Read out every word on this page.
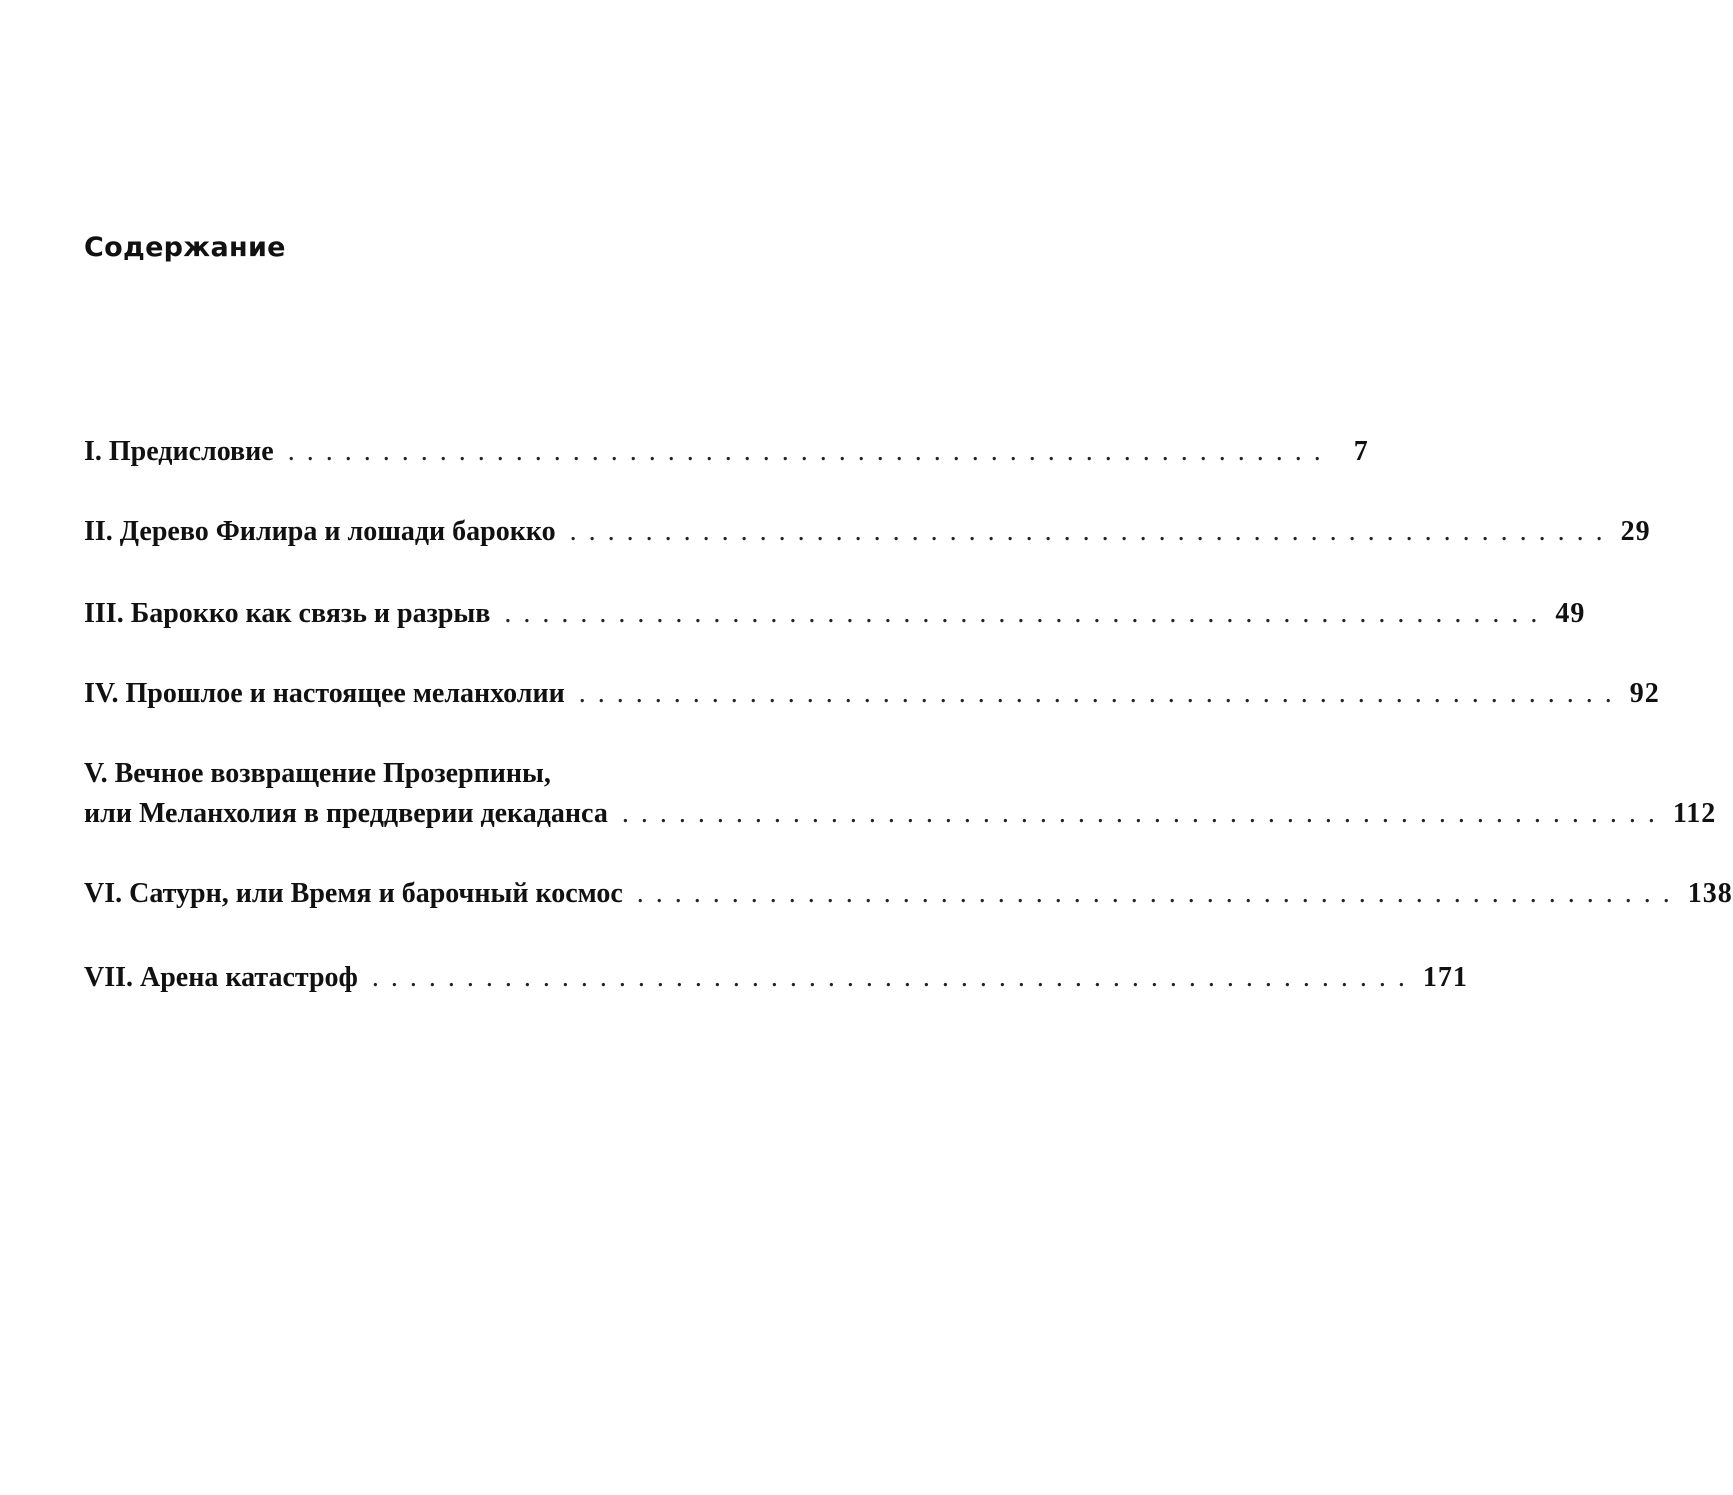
Содержание
I. Предисловие ....................................................... 7
II. Дерево Филира и лошади барокко ....................................................... 29
III. Барокко как связь и разрыв ....................................................... 49
IV. Прошлое и настоящее меланхолии ....................................................... 92
V. Вечное возвращение Прозерпины,
или Меланхолия в преддверии декаданса ....................................................... 112
VI. Сатурн, или Время и барочный космос ....................................................... 138
VII. Арена катастроф ....................................................... 171
